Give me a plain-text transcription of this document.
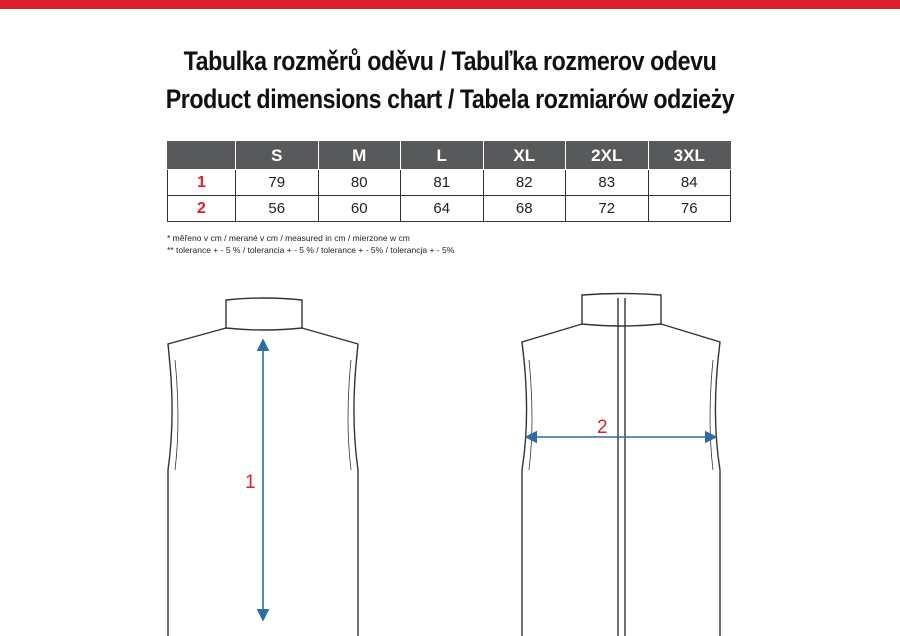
Tabulka rozměrů oděvu / Tabuľka rozmerov odevu
Product dimensions chart / Tabela rozmiarów odzieży
	S	M	L	XL	2XL	3XL
1	79	80	81	82	83	84
2	56	60	64	68	72	76
* měřeno v cm / merané v cm / measured in cm / mierzone w cm
** tolerance + - 5 % / tolerancia + - 5 % / tolerance + - 5% / tolerancja + - 5%
1
2
